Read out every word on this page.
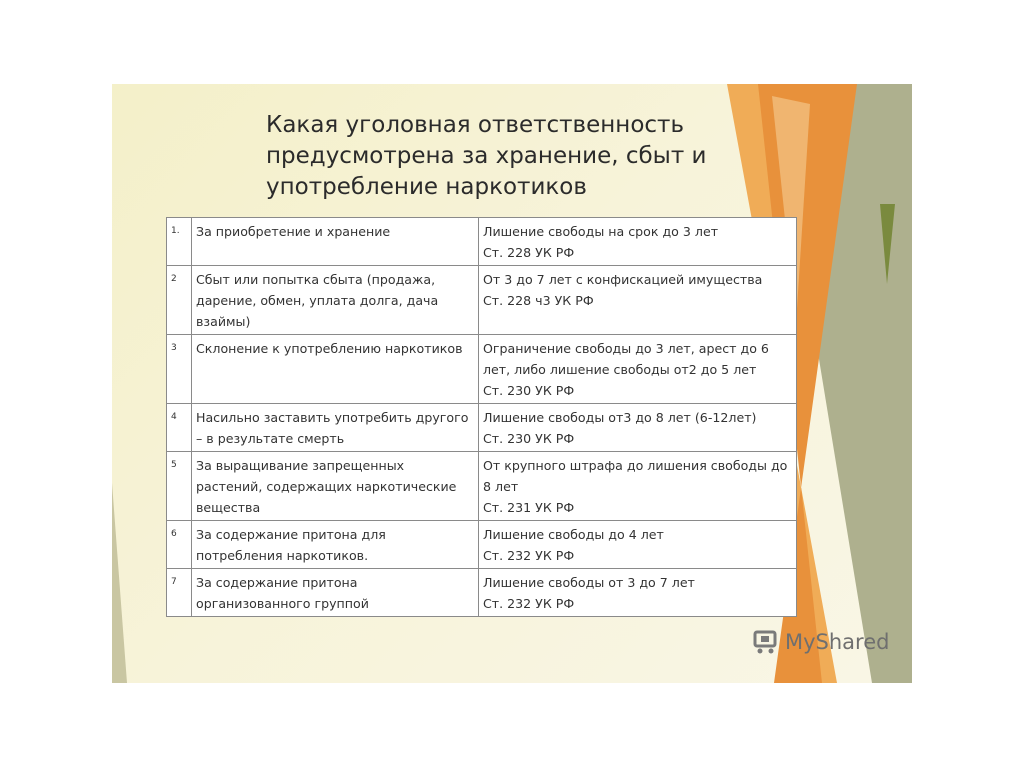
Какая уголовная ответственность предусмотрена за хранение, сбыт и употребление наркотиков
1.	За приобретение и хранение	Лишение свободы на срок до 3 лет
Ст. 228 УК РФ

2	Сбыт или попытка сбыта (продажа, дарение, обмен, уплата долга, дача взаймы)	От 3 до 7 лет с конфискацией имущества
Ст. 228 ч3 УК РФ

3	Склонение к употреблению наркотиков	Ограничение свободы до 3 лет, арест до 6 лет, либо лишение свободы от2 до 5 лет
Ст. 230 УК РФ

4	Насильно заставить употребить другого – в результате смерть	Лишение свободы от3 до 8 лет (6-12лет)
Ст. 230 УК РФ

5	За выращивание запрещенных растений, содержащих наркотические вещества	От крупного штрафа до лишения свободы до 8 лет
Ст. 231 УК РФ

6	За содержание притона для потребления наркотиков.	Лишение свободы до 4 лет
Ст. 232 УК РФ

7	За содержание притона организованного группой	Лишение свободы от 3 до 7 лет
Ст. 232 УК РФ
MyShared
